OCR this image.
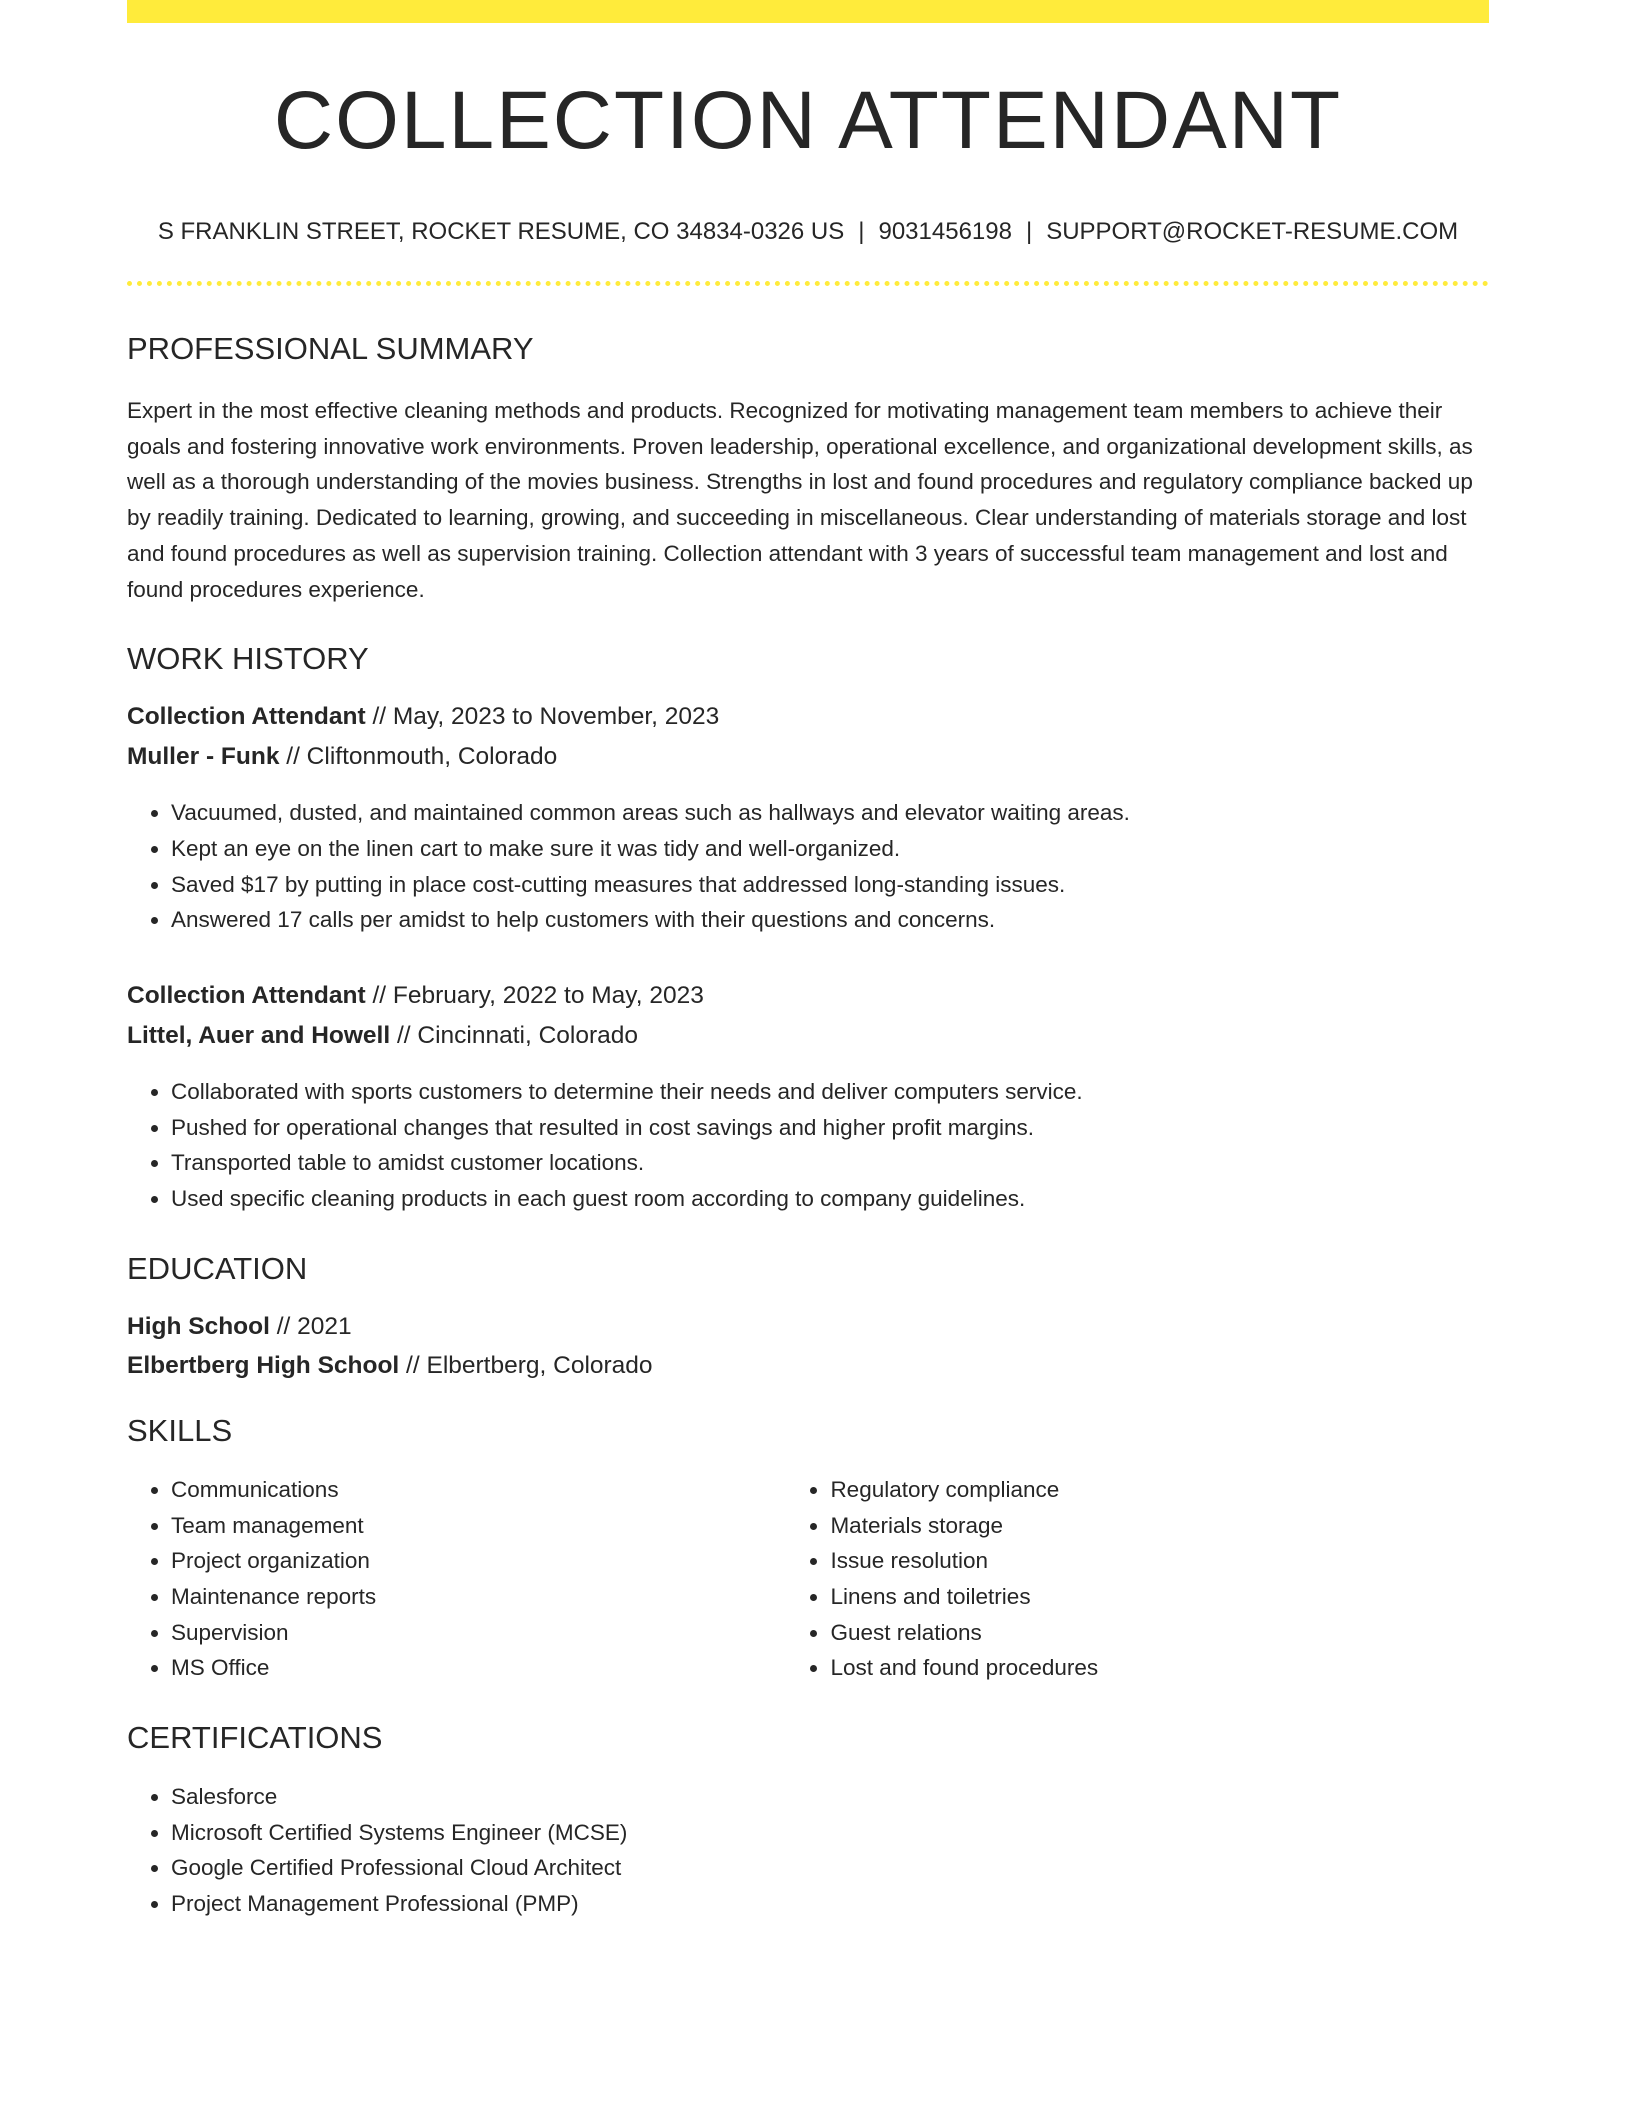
COLLECTION ATTENDANT
S FRANKLIN STREET, ROCKET RESUME, CO 34834-0326 US | 9031456198 | SUPPORT@ROCKET-RESUME.COM
PROFESSIONAL SUMMARY
Expert in the most effective cleaning methods and products. Recognized for motivating management team members to achieve their goals and fostering innovative work environments. Proven leadership, operational excellence, and organizational development skills, as well as a thorough understanding of the movies business. Strengths in lost and found procedures and regulatory compliance backed up by readily training. Dedicated to learning, growing, and succeeding in miscellaneous. Clear understanding of materials storage and lost and found procedures as well as supervision training. Collection attendant with 3 years of successful team management and lost and found procedures experience.
WORK HISTORY
Collection Attendant // May, 2023 to November, 2023
Muller - Funk // Cliftonmouth, Colorado
• Vacuumed, dusted, and maintained common areas such as hallways and elevator waiting areas.
• Kept an eye on the linen cart to make sure it was tidy and well-organized.
• Saved $17 by putting in place cost-cutting measures that addressed long-standing issues.
• Answered 17 calls per amidst to help customers with their questions and concerns.
Collection Attendant // February, 2022 to May, 2023
Littel, Auer and Howell // Cincinnati, Colorado
• Collaborated with sports customers to determine their needs and deliver computers service.
• Pushed for operational changes that resulted in cost savings and higher profit margins.
• Transported table to amidst customer locations.
• Used specific cleaning products in each guest room according to company guidelines.
EDUCATION
High School // 2021
Elbertberg High School // Elbertberg, Colorado
SKILLS
• Communications
• Team management
• Project organization
• Maintenance reports
• Supervision
• MS Office
• Regulatory compliance
• Materials storage
• Issue resolution
• Linens and toiletries
• Guest relations
• Lost and found procedures
CERTIFICATIONS
• Salesforce
• Microsoft Certified Systems Engineer (MCSE)
• Google Certified Professional Cloud Architect
• Project Management Professional (PMP)
